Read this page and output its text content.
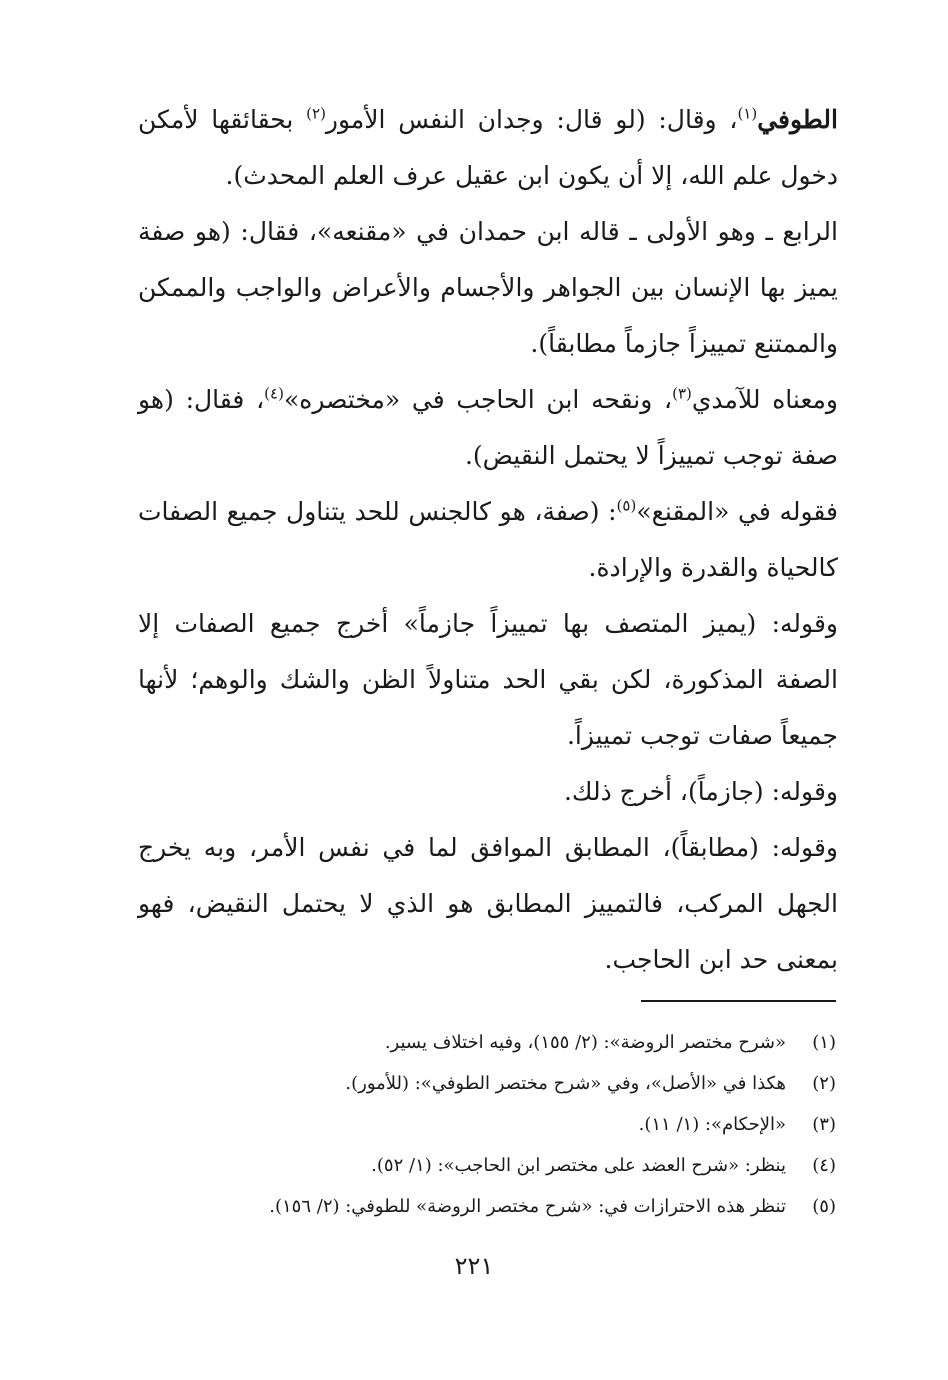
الطوفي$^{(١)}$، وقال: (لو قال: وجدان النفس الأمور$^{(٢)}$ بحقائقها لأمكن دخول علم الله، إلا أن يكون ابن عقيل عرف العلم المحدث).

الرابع ـ وهو الأولى ـ قاله ابن حمدان في «مقنعه»، فقال: (هو صفة يميز بها الإنسان بين الجواهر والأجسام والأعراض والواجب والممكن والممتنع تمييزاً جازماً مطابقاً).

ومعناه للآمدي$^{(٣)}$، ونقحه ابن الحاجب في «مختصره»$^{(٤)}$، فقال: (هو صفة توجب تمييزاً لا يحتمل النقيض).

فقوله في «المقنع»$^{(٥)}$: (صفة، هو كالجنس للحد يتناول جميع الصفات كالحياة والقدرة والإرادة.

وقوله: (يميز المتصف بها تمييزاً جازماً» أخرج جميع الصفات إلا الصفة المذكورة، لكن بقي الحد متناولاً الظن والشك والوهم؛ لأنها جميعاً صفات توجب تمييزاً.

وقوله: (جازماً)، أخرج ذلك.

وقوله: (مطابقاً)، المطابق الموافق لما في نفس الأمر، وبه يخرج الجهل المركب، فالتمييز المطابق هو الذي لا يحتمل النقيض، فهو بمعنى حد ابن الحاجب.

(١)
«شرح مختصر الروضة»: (٢/ ١٥٥)، وفيه اختلاف يسير.
(٢)
هكذا في «الأصل»، وفي «شرح مختصر الطوفي»: (للأمور).
(٣)
«الإحكام»: (١/ ١١).
(٤)
ينظر: «شرح العضد على مختصر ابن الحاجب»: (١/ ٥٢).
(٥)
تنظر هذه الاحترازات في: «شرح مختصر الروضة» للطوفي: (٢/ ١٥٦).
٢٢١
